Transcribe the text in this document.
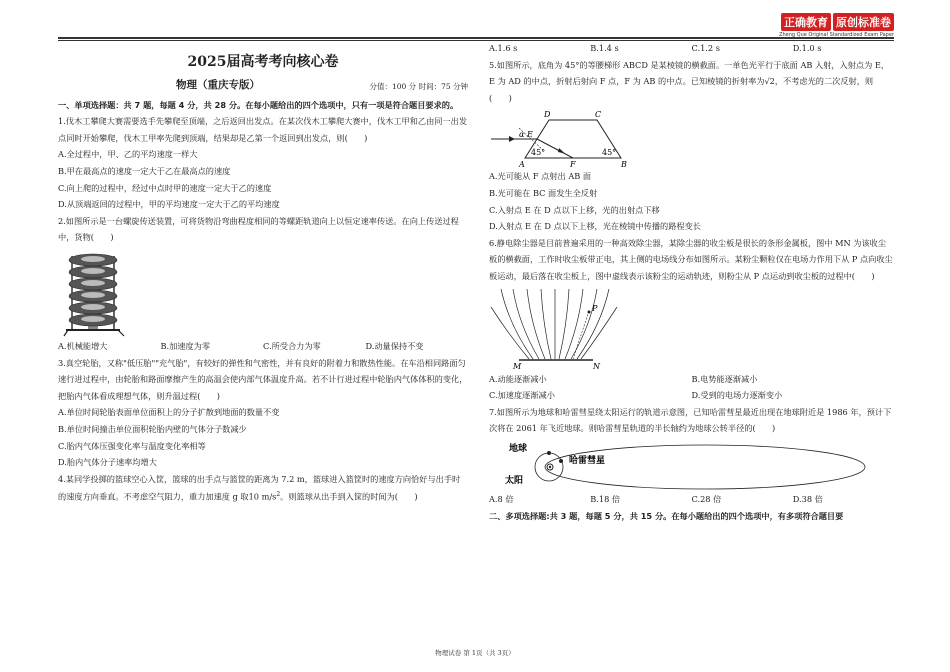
正确教育 原创标准卷
Zheng Que Original Standardized Exam Paper
2025届高考考向核心卷
物理（重庆专版）	分值：100 分 时间：75 分钟

一、单项选择题：共 7 题，每题 4 分，共 28 分。在每小题给出的四个选项中，只有一项是符合题目要求的。

1.伐木工攀爬大赛需要选手先攀爬至顶端，之后返回出发点。在某次伐木工攀爬大赛中，伐木工甲和乙由同一出发点同时开始攀爬，伐木工甲率先爬到顶端，结果却是乙第一个返回到出发点，则(　　)

A.全过程中，甲、乙的平均速度一样大

B.甲在最高点的速度一定大于乙在最高点的速度

C.向上爬的过程中，经过中点时甲的速度一定大于乙的速度

D.从顶端返回的过程中，甲的平均速度一定大于乙的平均速度

2.如图所示是一台螺旋传送装置，可将货物沿弯曲程度相同的等螺距轨道向上以恒定速率传送。在向上传送过程中，货物(　　)

A.机械能增大	B.加速度为零	C.所受合力为零	D.动量保持不变

3.真空轮胎，又称"低压胎""充气胎"，有较好的弹性和气密性，并有良好的附着力和散热性能。在车沿相同路面匀速行进过程中，由轮胎和路面摩擦产生的高温会使内部气体温度升高。若不计行进过程中轮胎内气体体积的变化，把胎内气体看成理想气体，则升温过程(　　)

A.单位时间轮胎表面单位面积上的分子扩散到地面的数量不变

B.单位时间撞击单位面积轮胎内壁的气体分子数减少

C.胎内气体压强变化率与温度变化率相等

D.胎内气体分子速率均增大

4.某同学投掷的篮球空心入筐，篮球的出手点与篮筐的距离为 7.2 m，篮球进入篮筐时的速度方向恰好与出手时的速度方向垂直。不考虑空气阻力，重力加速度 g 取10 $m/s^2$。则篮球从出手到入筐的时间为(　　)

A.1.6 s	B.1.4 s	C.1.2 s	D.1.0 s

5.如图所示，底角为 45°的等腰梯形 ABCD 是某棱镜的横截面。一单色光平行于底面 AB 入射，入射点为 E，E 为 AD 的中点，折射后射向 F 点，F 为 AB 的中点。已知棱镜的折射率为√2，不考虑光的二次反射，则(　　)

D	C
E
α
45°	45°
A	F	B

A.光可能从 F 点射出 AB 面

B.光可能在 BC 面发生全反射

C.入射点 E 在 D 点以下上移，光的出射点下移

D.入射点 E 在 D 点以下上移，光在棱镜中传播的路程变长

6.静电除尘器是目前普遍采用的一种高效除尘器，某除尘器的收尘板是很长的条形金属板，图中 MN 为该收尘板的横截面，工作时收尘板带正电，其上侧的电场线分布如图所示。某粉尘颗粒仅在电场力作用下从 P 点向收尘板运动，最后落在收尘板上，图中虚线表示该粉尘的运动轨迹，则粉尘从 P 点运动到收尘板的过程中(　　)

P
M	N
A.动能逐渐减小	B.电势能逐渐减小
C.加速度逐渐减小	D.受到的电场力逐渐变小

7.如图所示为地球和哈雷彗星绕太阳运行的轨道示意图，已知哈雷彗星最近出现在地球附近是 1986 年，预计下次将在 2061 年飞近地球。则哈雷彗星轨道的半长轴约为地球公转半径的(　　)

地球
太阳
哈雷彗星
A.8 倍	B.18 倍	C.28 倍	D.38 倍

二、多项选择题:共 3 题，每题 5 分，共 15 分。在每小题给出的四个选项中，有多项符合题目要

物理试卷 第 1页（共 3页）
